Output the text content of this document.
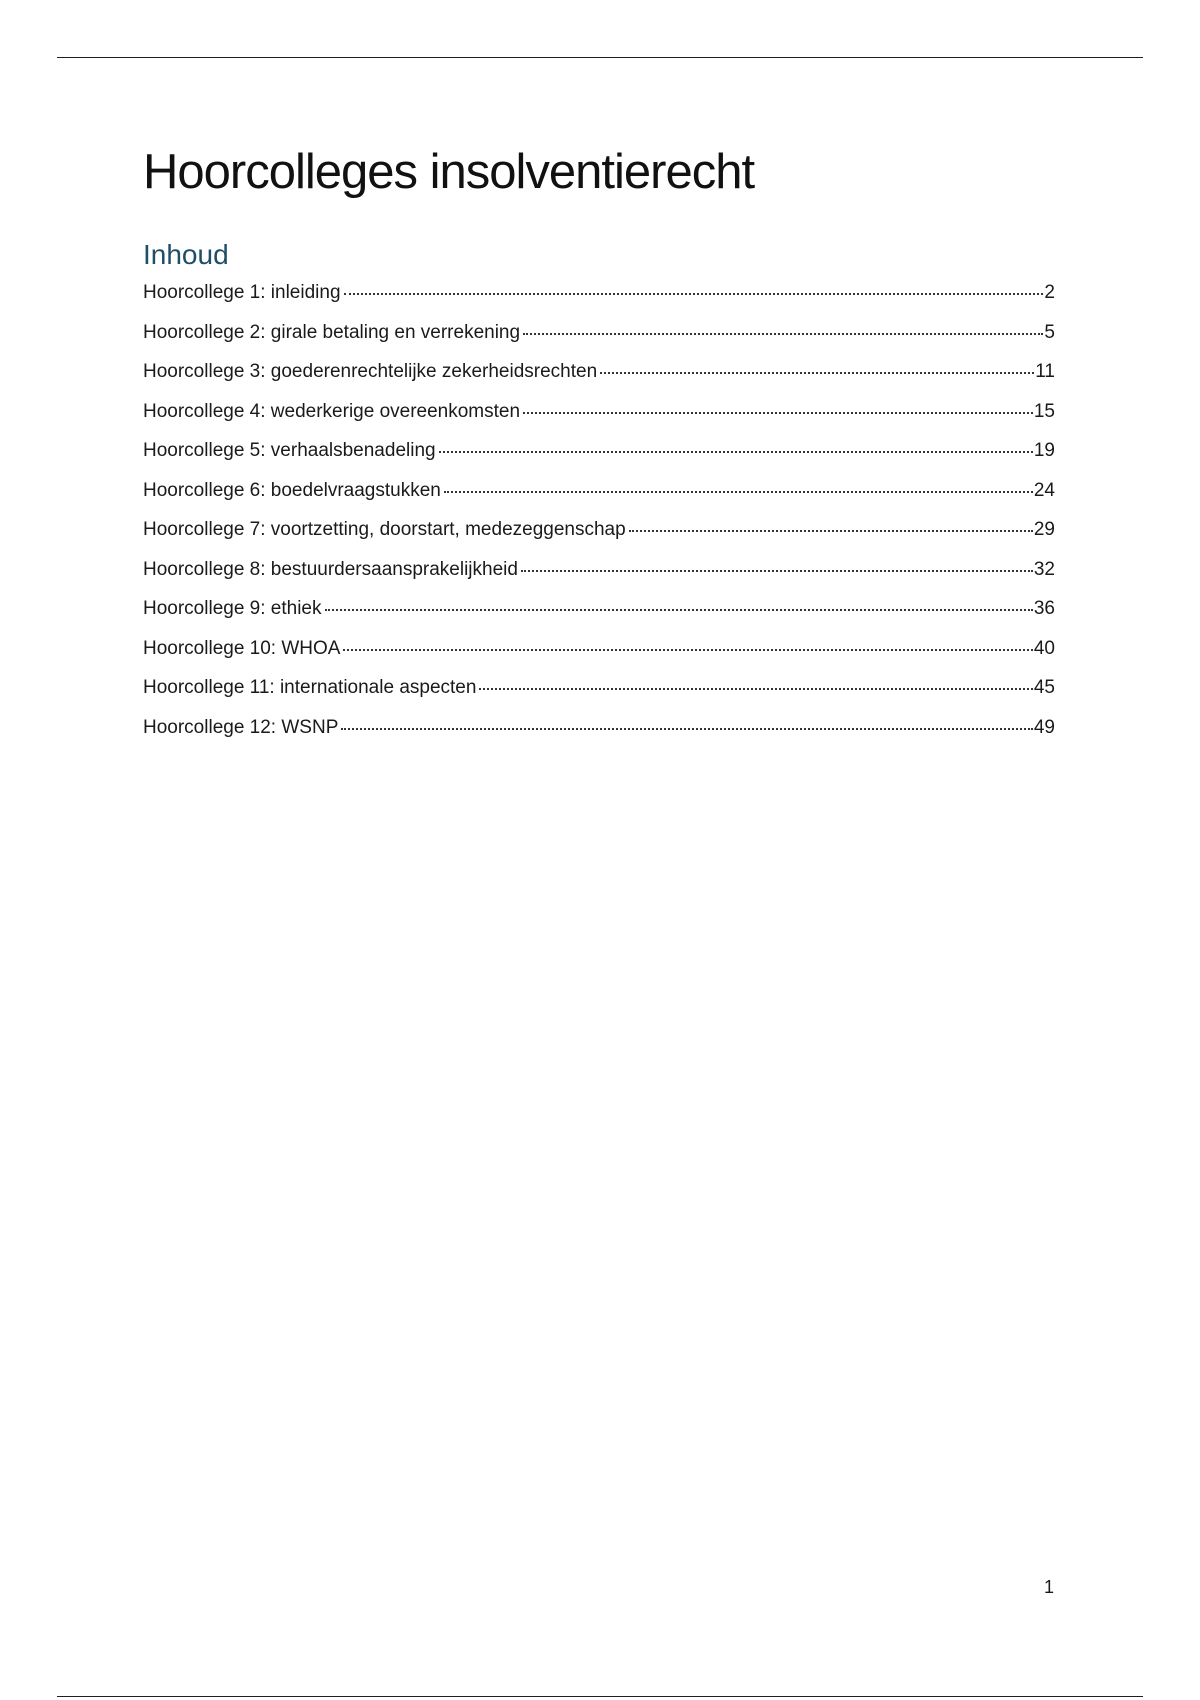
Hoorcolleges insolventierecht
Inhoud
Hoorcollege 1: inleiding	2
Hoorcollege 2: girale betaling en verrekening	5
Hoorcollege 3: goederenrechtelijke zekerheidsrechten	11
Hoorcollege 4: wederkerige overeenkomsten	15
Hoorcollege 5: verhaalsbenadeling	19
Hoorcollege 6: boedelvraagstukken	24
Hoorcollege 7: voortzetting, doorstart, medezeggenschap	29
Hoorcollege 8: bestuurdersaansprakelijkheid	32
Hoorcollege 9: ethiek	36
Hoorcollege 10: WHOA	40
Hoorcollege 11: internationale aspecten	45
Hoorcollege 12: WSNP	49
1
